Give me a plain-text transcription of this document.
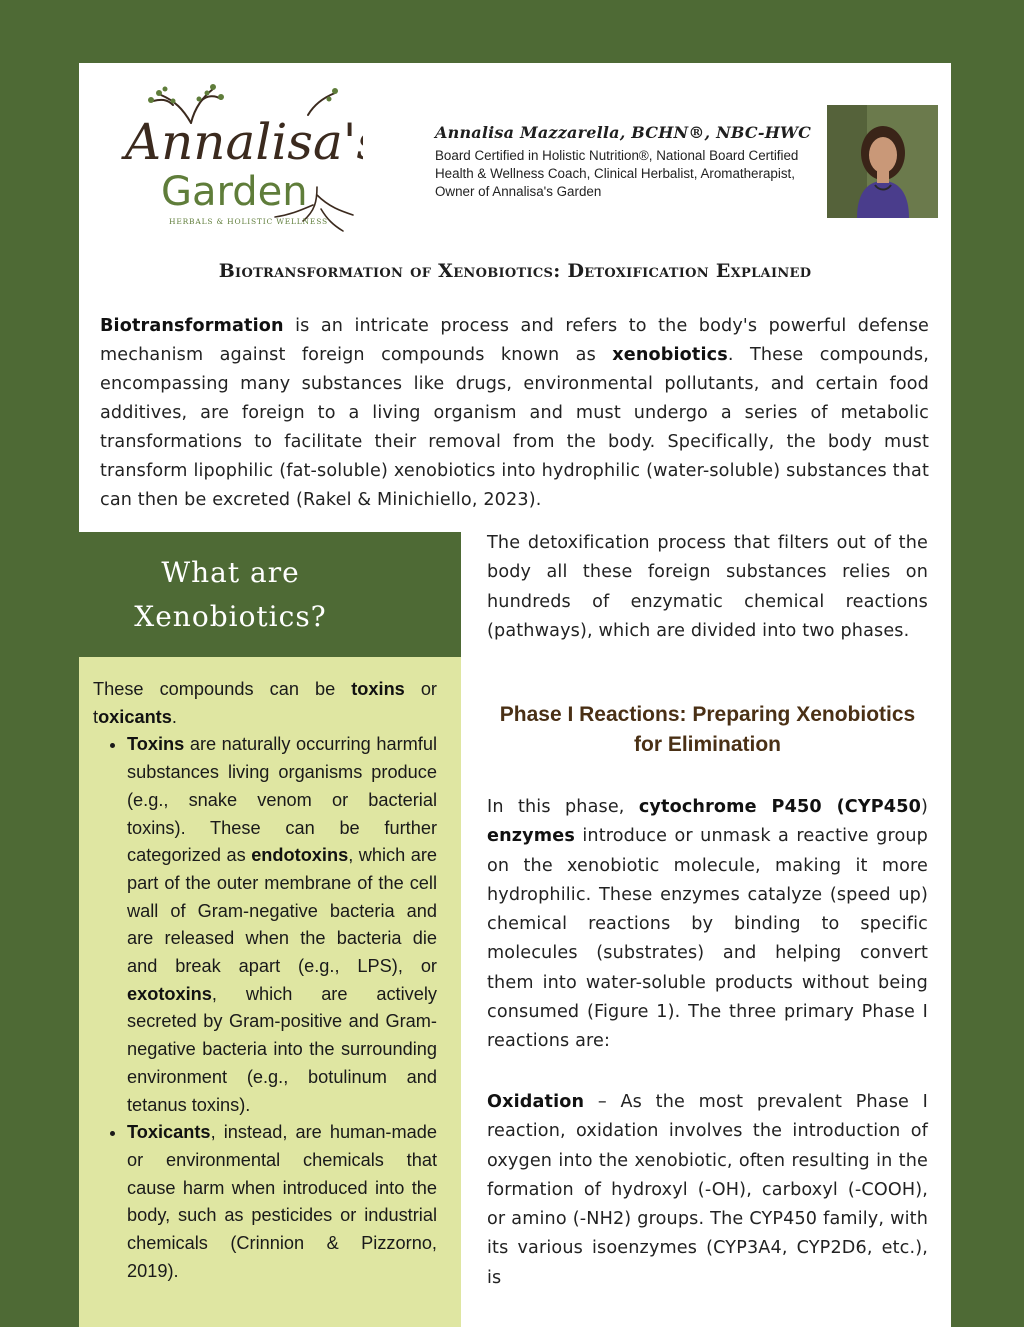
Annalisa's
Garden
HERBALS & HOLISTIC WELLNESS

Annalisa Mazzarella, BCHN®, NBC-HWC

Board Certified in Holistic Nutrition®, National Board Certified Health & Wellness Coach, Clinical Herbalist, Aromatherapist, Owner of Annalisa's Garden

Biotransformation of Xenobiotics: Detoxification Explained

Biotransformation is an intricate process and refers to the body's powerful defense mechanism against foreign compounds known as xenobiotics. These compounds, encompassing many substances like drugs, environmental pollutants, and certain food additives, are foreign to a living organism and must undergo a series of metabolic transformations to facilitate their removal from the body. Specifically, the body must transform lipophilic (fat-soluble) xenobiotics into hydrophilic (water-soluble) substances that can then be excreted (Rakel & Minichiello, 2023).

What are Xenobiotics?

These compounds can be toxins or toxicants.

• Toxins are naturally occurring harmful substances living organisms produce (e.g., snake venom or bacterial toxins). These can be further categorized as endotoxins, which are part of the outer membrane of the cell wall of Gram-negative bacteria and are released when the bacteria die and break apart (e.g., LPS), or exotoxins, which are actively secreted by Gram-positive and Gram-negative bacteria into the surrounding environment (e.g., botulinum and tetanus toxins).
• Toxicants, instead, are human-made or environmental chemicals that cause harm when introduced into the body, such as pesticides or industrial chemicals (Crinnion & Pizzorno, 2019).

The detoxification process that filters out of the body all these foreign substances relies on hundreds of enzymatic chemical reactions (pathways), which are divided into two phases.

Phase I Reactions: Preparing Xenobiotics for Elimination

In this phase, cytochrome P450 (CYP450) enzymes introduce or unmask a reactive group on the xenobiotic molecule, making it more hydrophilic. These enzymes catalyze (speed up) chemical reactions by binding to specific molecules (substrates) and helping convert them into water-soluble products without being consumed (Figure 1). The three primary Phase I reactions are:

Oxidation – As the most prevalent Phase I reaction, oxidation involves the introduction of oxygen into the xenobiotic, often resulting in the formation of hydroxyl (-OH), carboxyl (-COOH), or amino (-NH2) groups. The CYP450 family, with its various isoenzymes (CYP3A4, CYP2D6, etc.), is
